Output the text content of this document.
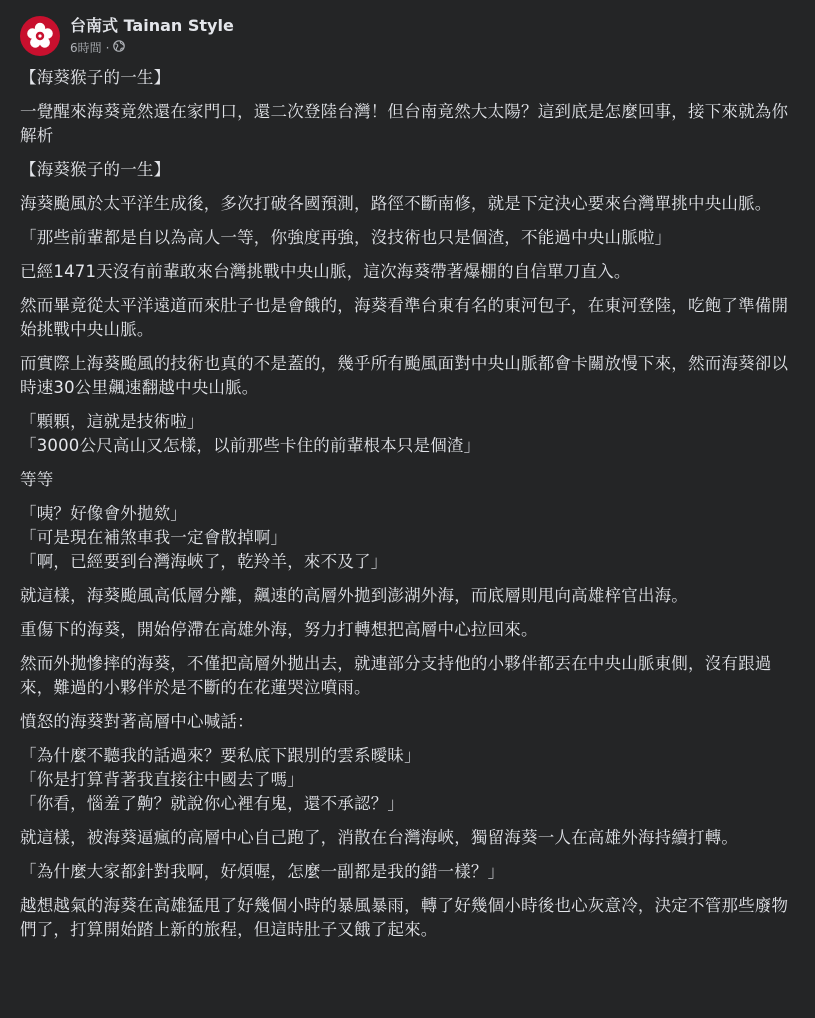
台南式 Tainan Style
6時間 ·
【海葵猴子的一生】
一覺醒來海葵竟然還在家門口，還二次登陸台灣！但台南竟然大太陽？這到底是怎麼回事，接下來就為你解析
【海葵猴子的一生】
海葵颱風於太平洋生成後，多次打破各國預測，路徑不斷南修，就是下定決心要來台灣單挑中央山脈。
「那些前輩都是自以為高人一等，你強度再強，沒技術也只是個渣，不能過中央山脈啦」
已經1471天沒有前輩敢來台灣挑戰中央山脈，這次海葵帶著爆棚的自信單刀直入。
然而畢竟從太平洋遠道而來肚子也是會餓的，海葵看準台東有名的東河包子，在東河登陸，吃飽了準備開始挑戰中央山脈。
而實際上海葵颱風的技術也真的不是蓋的，幾乎所有颱風面對中央山脈都會卡關放慢下來，然而海葵卻以時速30公里飆速翻越中央山脈。
「顆顆，這就是技術啦」
「3000公尺高山又怎樣，以前那些卡住的前輩根本只是個渣」
等等
「咦？好像會外拋欸」
「可是現在補煞車我一定會散掉啊」
「啊，已經要到台灣海峽了，乾羚羊，來不及了」
就這樣，海葵颱風高低層分離，飆速的高層外拋到澎湖外海，而底層則甩向高雄梓官出海。
重傷下的海葵，開始停滯在高雄外海，努力打轉想把高層中心拉回來。
然而外拋慘摔的海葵，不僅把高層外拋出去，就連部分支持他的小夥伴都丟在中央山脈東側，沒有跟過來，難過的小夥伴於是不斷的在花蓮哭泣噴雨。
憤怒的海葵對著高層中心喊話：
「為什麼不聽我的話過來？要私底下跟別的雲系曖昧」
「你是打算背著我直接往中國去了嗎」
「你看，惱羞了齁？就說你心裡有鬼，還不承認？」
就這樣，被海葵逼瘋的高層中心自己跑了，消散在台灣海峽，獨留海葵一人在高雄外海持續打轉。
「為什麼大家都針對我啊，好煩喔，怎麼一副都是我的錯一樣？」
越想越氣的海葵在高雄猛甩了好幾個小時的暴風暴雨，轉了好幾個小時後也心灰意冷，決定不管那些廢物們了，打算開始踏上新的旅程，但這時肚子又餓了起來。
